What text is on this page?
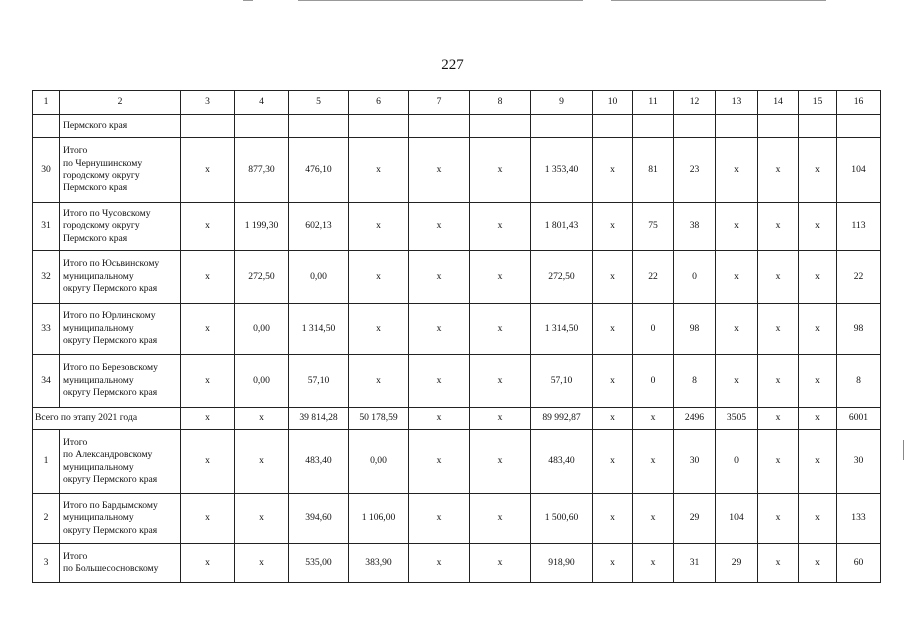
227
1	2	3	4	5	6	7	8	9	10	11	12	13	14	15	16
	Пермского края														
30	Итого
по Чернушинскому
городскому округу
Пермского края	х	877,30	476,10	х	х	х	1 353,40	х	81	23	х	х	х	104
31	Итого по Чусовскому
городскому округу
Пермского края	х	1 199,30	602,13	х	х	х	1 801,43	х	75	38	х	х	х	113
32	Итого по Юсьвинскому
муниципальному
округу Пермского края	х	272,50	0,00	х	х	х	272,50	х	22	0	х	х	х	22
33	Итого по Юрлинскому
муниципальному
округу Пермского края	х	0,00	1 314,50	х	х	х	1 314,50	х	0	98	х	х	х	98
34	Итого по Березовскому
муниципальному
округу Пермского края	х	0,00	57,10	х	х	х	57,10	х	0	8	х	х	х	8
Всего по этапу 2021 года		х	х	39 814,28	50 178,59	х	х	89 992,87	х	х	2496	3505	х	х	6001
1	Итого
по Александровскому
муниципальному
округу Пермского края	х	х	483,40	0,00	х	х	483,40	х	х	30	0	х	х	30
2	Итого по Бардымскому
муниципальному
округу Пермского края	х	х	394,60	1 106,00	х	х	1 500,60	х	х	29	104	х	х	133
3	Итого
по Большесосновскому	х	х	535,00	383,90	х	х	918,90	х	х	31	29	х	х	60
